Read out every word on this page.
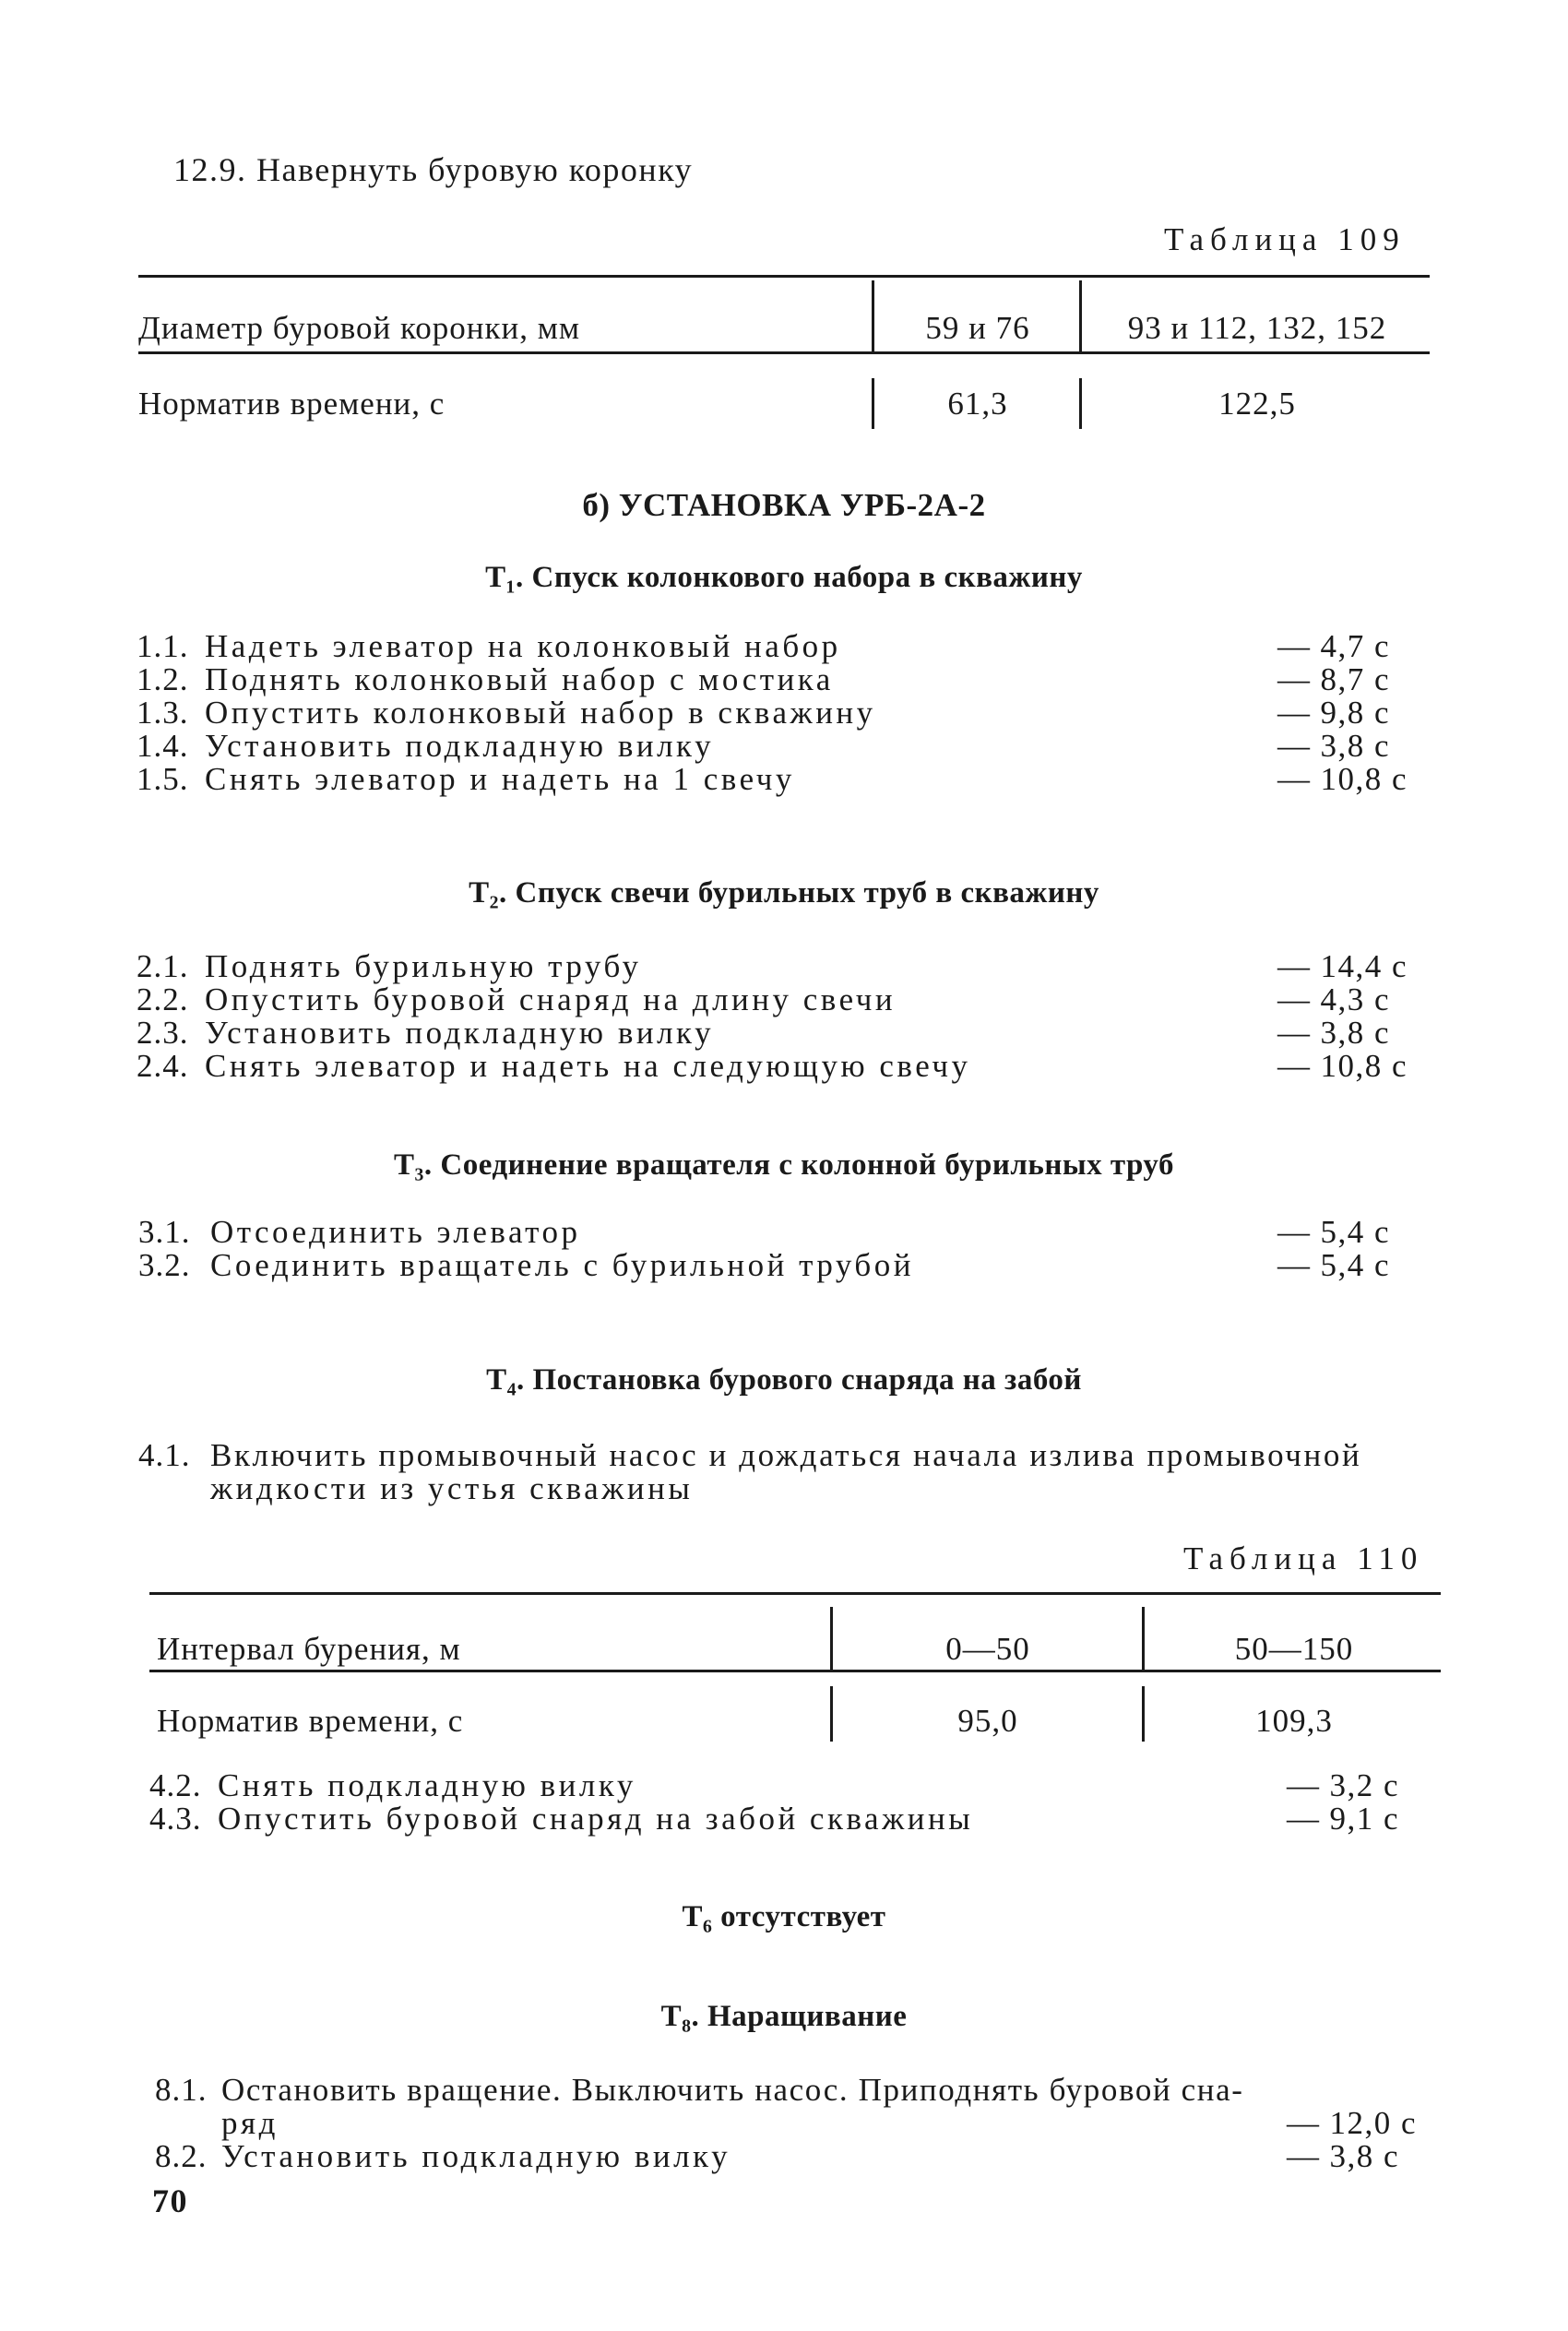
12.9. Навернуть буровую коронку
Таблица 109
Диаметр буровой коронки, мм	59 и 76	93 и 112, 132, 152
Норматив времени, с	61,3	122,5
б) УСТАНОВКА УРБ-2А-2
T₁. Спуск колонкового набора в скважину
1.1. Надеть элеватор на колонковый набор	— 4,7 с
1.2. Поднять колонковый набор с мостика	— 8,7 с
1.3. Опустить колонковый набор в скважину	— 9,8 с
1.4. Установить подкладную вилку	— 3,8 с
1.5. Снять элеватор и надеть на 1 свечу	— 10,8 с
T₂. Спуск свечи бурильных труб в скважину
2.1. Поднять бурильную трубу	— 14,4 с
2.2. Опустить буровой снаряд на длину свечи	— 4,3 с
2.3. Установить подкладную вилку	— 3,8 с
2.4. Снять элеватор и надеть на следующую свечу	— 10,8 с
T₃. Соединение вращателя с колонной бурильных труб
3.1. Отсоединить элеватор	— 5,4 с
3.2. Соединить вращатель с бурильной трубой	— 5,4 с
T₄. Постановка бурового снаряда на забой
4.1. Включить промывочный насос и дождаться начала излива промывочной
жидкости из устья скважины
Таблица 110
Интервал бурения, м	0—50	50—150
Норматив времени, с	95,0	109,3
4.2. Снять подкладную вилку	— 3,2 с
4.3. Опустить буровой снаряд на забой скважины	— 9,1 с
T₆ отсутствует
T₈. Наращивание
8.1. Остановить вращение. Выключить насос. Приподнять буровой сна-
ряд	— 12,0 с
8.2. Установить подкладную вилку	— 3,8 с
70
